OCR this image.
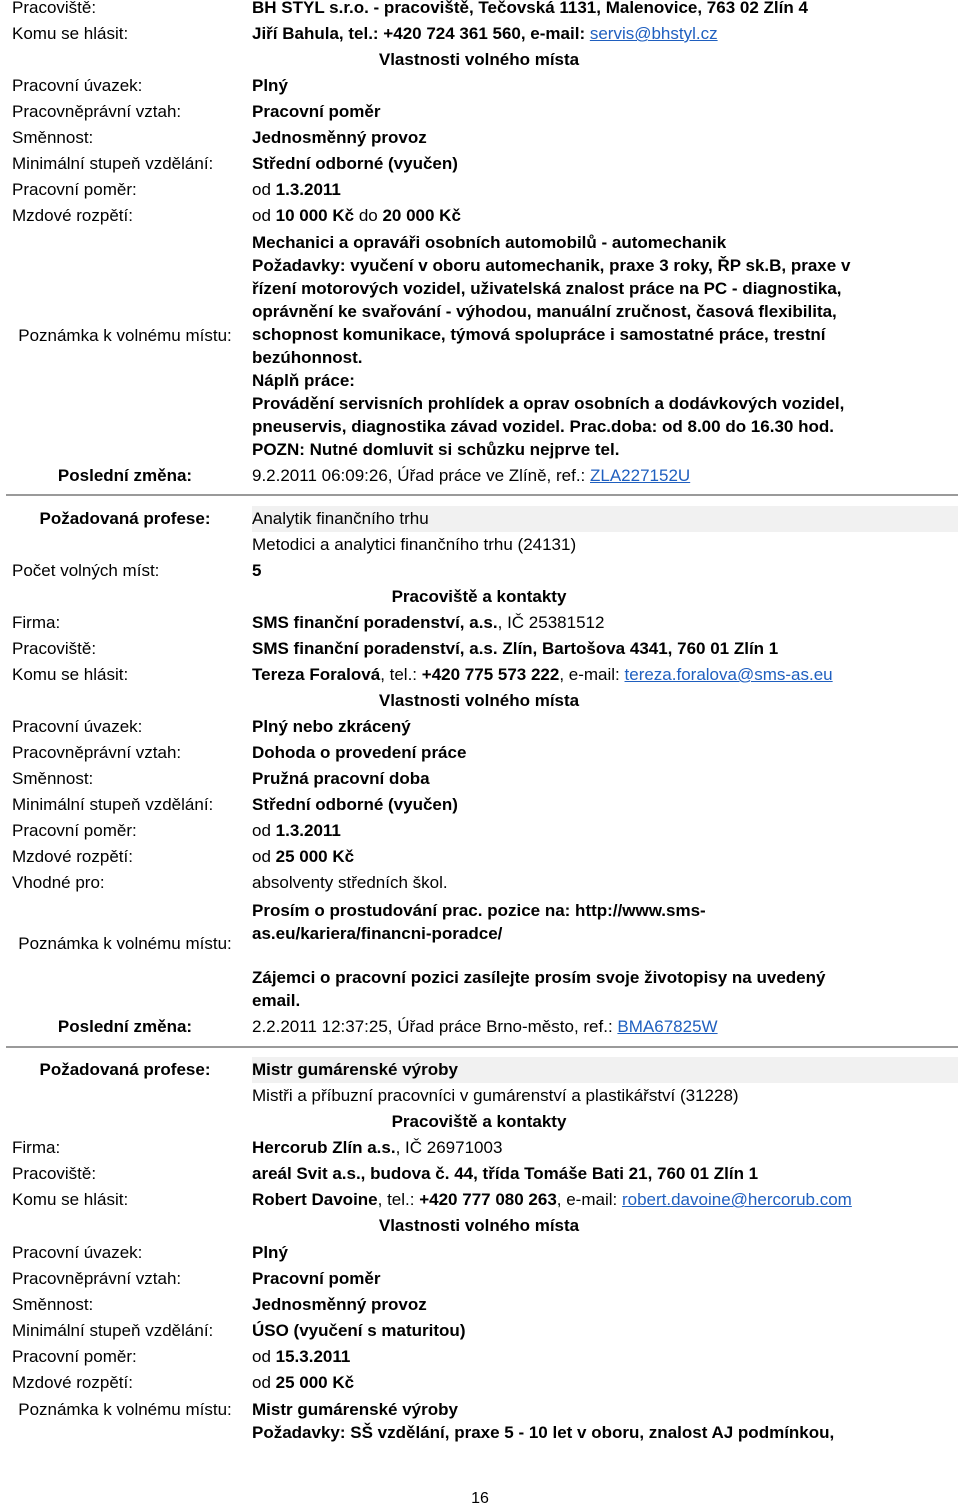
Pracoviště:	BH STYL s.r.o. - pracoviště, Tečovská 1131, Malenovice, 763 02 Zlín 4
Komu se hlásit:	Jiří Bahula, tel.: +420 724 361 560, e-mail: servis@bhstyl.cz
Vlastnosti volného místa
Pracovní úvazek:	Plný
Pracovněprávní vztah:	Pracovní poměr
Směnnost:	Jednosměnný provoz
Minimální stupeň vzdělání: Střední odborné (vyučen)
Pracovní poměr:	od 1.3.2011
Mzdové rozpětí:	od 10 000 Kč do 20 000 Kč
Poznámka k volnému místu:
Mechanici a opraváři osobních automobilů - automechanik
Požadavky: vyučení v oboru automechanik, praxe 3 roky, ŘP sk.B, praxe v
řízení motorových vozidel, uživatelská znalost práce na PC - diagnostika,
oprávnění ke svařování - výhodou, manuální zručnost, časová flexibilita,
schopnost komunikace, týmová spolupráce i samostatné práce, trestní
bezúhonnost.
Náplň práce:
Provádění servisních prohlídek a oprav osobních a dodávkových vozidel,
pneuservis, diagnostika závad vozidel. Prac.doba: od 8.00 do 16.30 hod.
POZN: Nutné domluvit si schůzku nejprve tel.
Poslední změna:	9.2.2011 06:09:26, Úřad práce ve Zlíně, ref.: ZLA227152U
Požadovaná profese:	Analytik finančního trhu
Metodici a analytici finančního trhu (24131)
Počet volných míst:	5
Pracoviště a kontakty
Firma:	SMS finanční poradenství, a.s., IČ 25381512
Pracoviště:	SMS finanční poradenství, a.s. Zlín, Bartošova 4341, 760 01 Zlín 1
Komu se hlásit:	Tereza Foralová, tel.: +420 775 573 222, e-mail: tereza.foralova@sms-as.eu
Vlastnosti volného místa
Pracovní úvazek:	Plný nebo zkrácený
Pracovněprávní vztah:	Dohoda o provedení práce
Směnnost:	Pružná pracovní doba
Minimální stupeň vzdělání: Střední odborné (vyučen)
Pracovní poměr:	od 1.3.2011
Mzdové rozpětí:	od 25 000 Kč
Vhodné pro:	absolventy středních škol.
Poznámka k volnému místu:
Prosím o prostudování prac. pozice na: http://www.sms-
as.eu/kariera/financni-poradce/
Zájemci o pracovní pozici zasílejte prosím svoje životopisy na uvedený
email.
Poslední změna:	2.2.2011 12:37:25, Úřad práce Brno-město, ref.: BMA67825W
Požadovaná profese:	Mistr gumárenské výroby
Mistři a příbuzní pracovníci v gumárenství a plastikářství (31228)
Pracoviště a kontakty
Firma:	Hercorub Zlín a.s., IČ 26971003
Pracoviště:	areál Svit a.s., budova č. 44, třída Tomáše Bati 21, 760 01 Zlín 1
Komu se hlásit:	Robert Davoine, tel.: +420 777 080 263, e-mail: robert.davoine@hercorub.com
Vlastnosti volného místa
Pracovní úvazek:	Plný
Pracovněprávní vztah:	Pracovní poměr
Směnnost:	Jednosměnný provoz
Minimální stupeň vzdělání: ÚSO (vyučení s maturitou)
Pracovní poměr:	od 15.3.2011
Mzdové rozpětí:	od 25 000 Kč
Poznámka k volnému místu:	Mistr gumárenské výroby
Požadavky: SŠ vzdělání, praxe 5 - 10 let v oboru, znalost AJ podmínkou,
16
